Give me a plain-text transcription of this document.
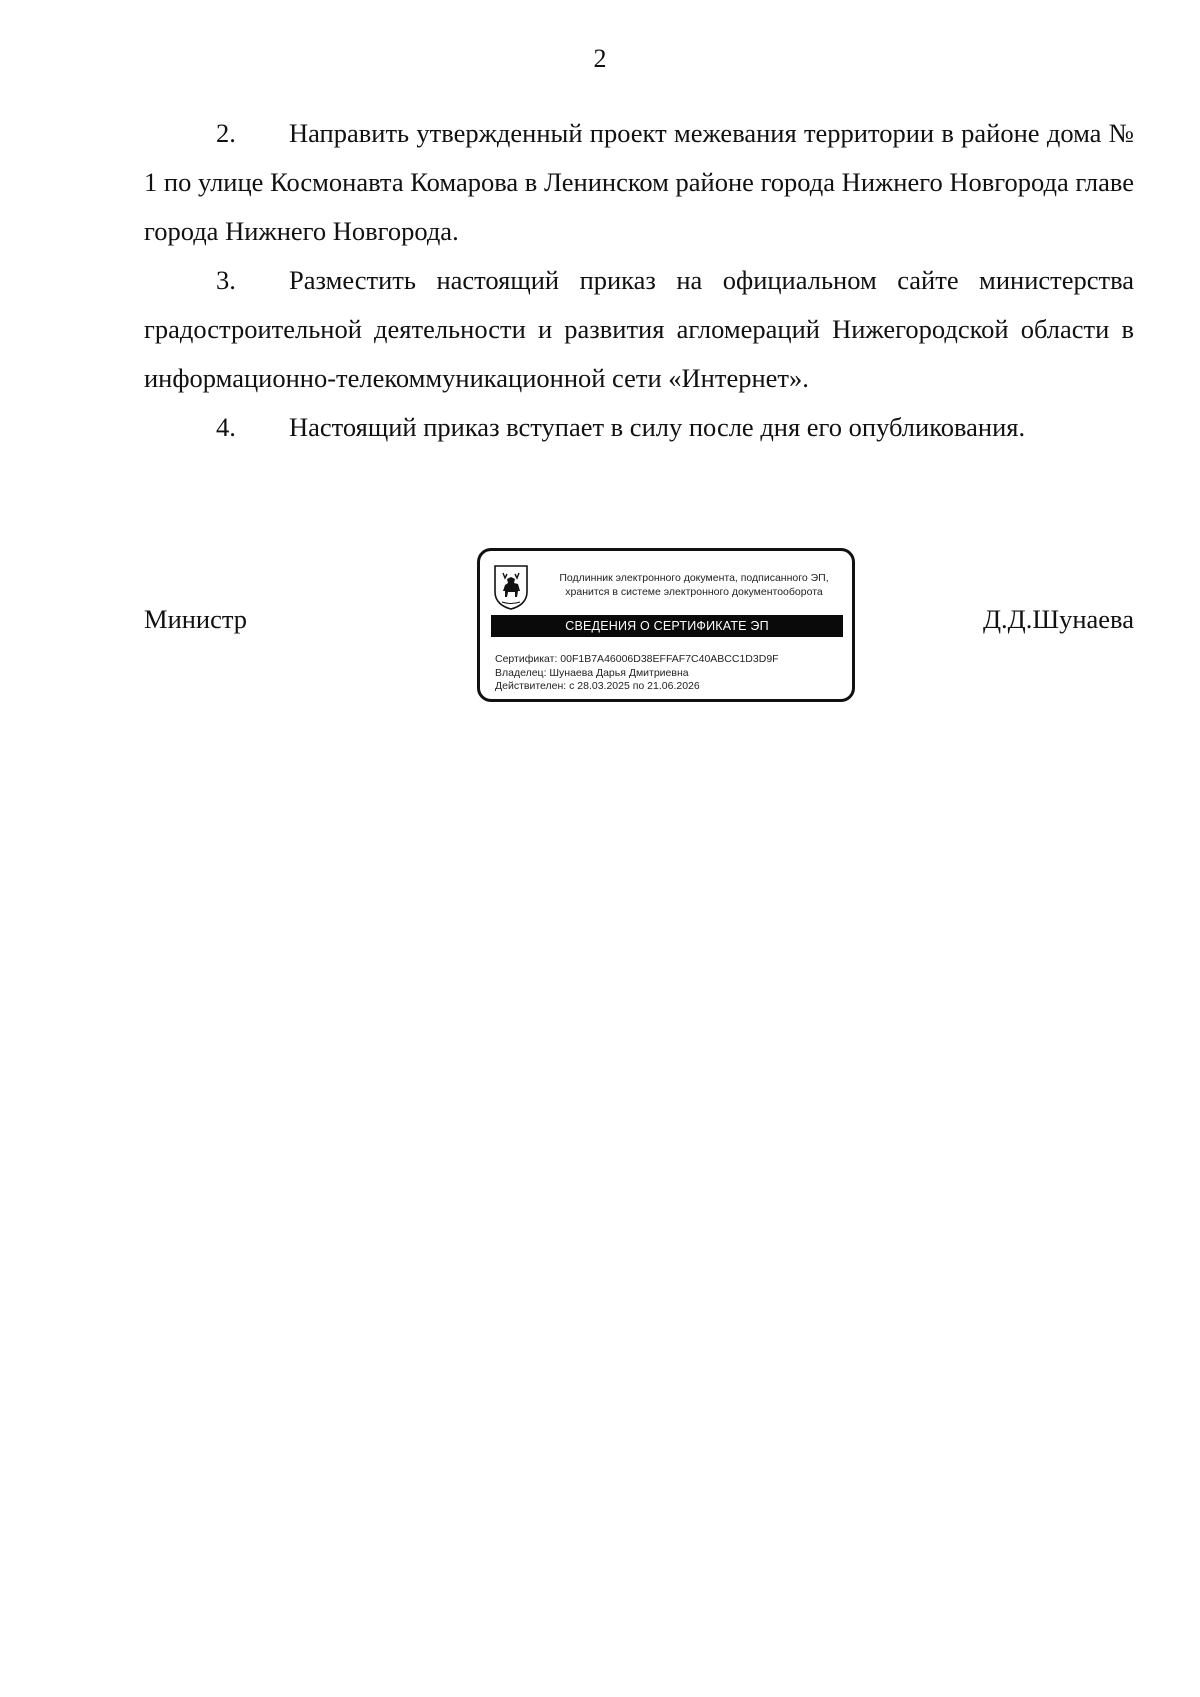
2

2. Направить утвержденный проект межевания территории в районе дома № 1 по улице Космонавта Комарова в Ленинском районе города Нижнего Новгорода главе города Нижнего Новгорода.

3. Разместить настоящий приказ на официальном сайте министерства градостроительной деятельности и развития агломераций Нижегородской области в информационно-телекоммуникационной сети «Интернет».

4. Настоящий приказ вступает в силу после дня его опубликования.

Министр
Подлинник электронного документа, подписанного ЭП,
хранится в системе электронного документооборота
СВЕДЕНИЯ О СЕРТИФИКАТЕ ЭП
Сертификат: 00F1B7A46006D38EFFAF7C40ABCC1D3D9F
Владелец: Шунаева Дарья Дмитриевна
Действителен: с 28.03.2025 по 21.06.2026
Д.Д.Шунаева
